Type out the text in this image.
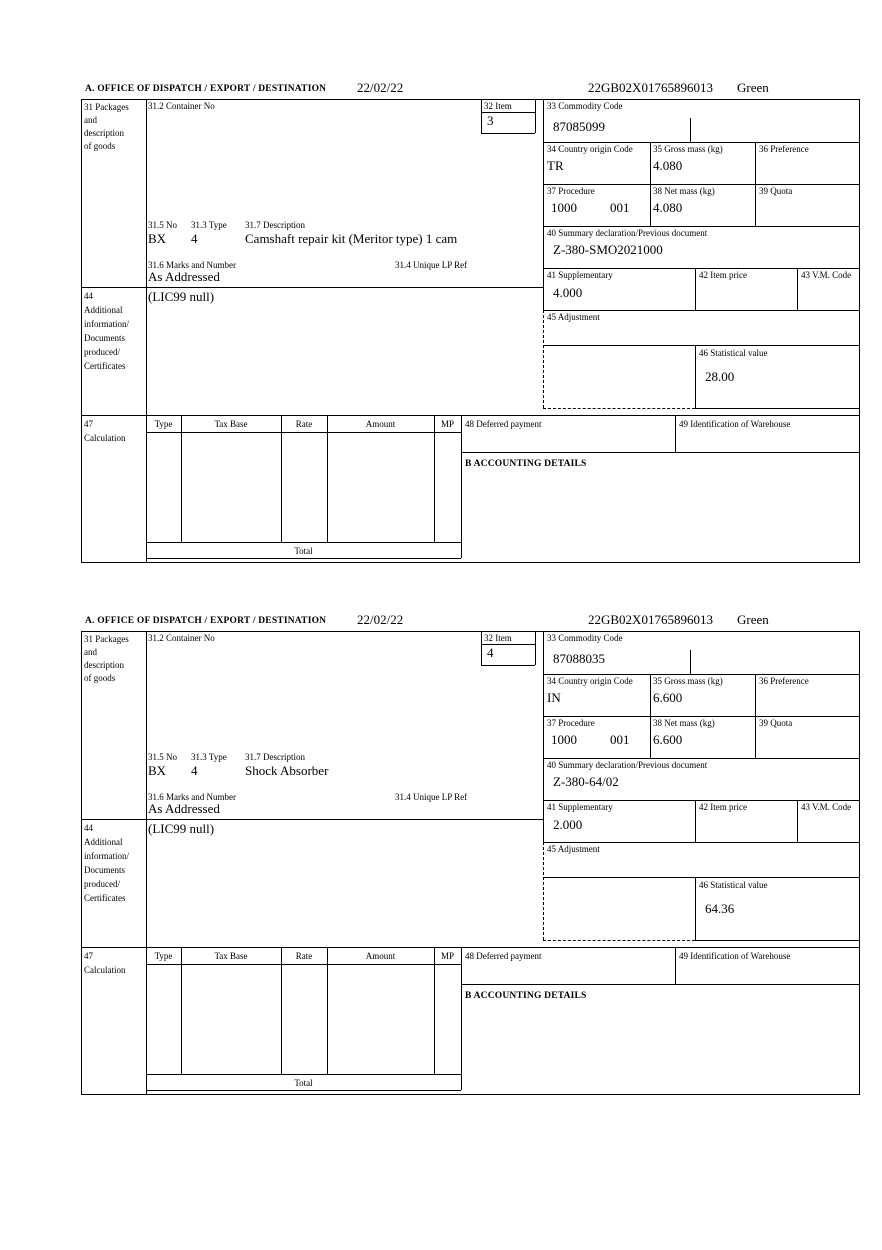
A. OFFICE OF DISPATCH / EXPORT / DESTINATION 22/02/22	22GB02X01765896013 Green
31 Packages
and
description
of goods
44
Additional
information/
Documents
produced/
Certificates
47
Calculation
31.2 Container No	32 Item
3
31.5 No 31.3 Type 31.7 Description
BX 4	Camshaft repair kit (Meritor type) 1 cam
31.6 Marks and Number	31.4 Unique LP Ref
As Addressed
(LIC99 null)
33 Commodity Code
87085099
34 Country origin Code
TR
35 Gross mass (kg)
4.080
36 Preference
37 Procedure
1000	001
38 Net mass (kg)
4.080
39 Quota
40 Summary declaration/Previous document
Z-380-SMO2021000
41 Supplementary
4.000
42 Item price	43 V.M. Code
45 Adjustment
46 Statistical value
28.00
Type	Tax Base	Rate	Amount	MP
Total
48 Deferred payment	49 Identification of Warehouse
B ACCOUNTING DETAILS
A. OFFICE OF DISPATCH / EXPORT / DESTINATION 22/02/22	22GB02X01765896013 Green
31 Packages
and
description
of goods
44
Additional
information/
Documents
produced/
Certificates
47
Calculation
31.2 Container No	32 Item
4
31.5 No 31.3 Type 31.7 Description
BX 4	Shock Absorber
31.6 Marks and Number	31.4 Unique LP Ref
As Addressed
(LIC99 null)
33 Commodity Code
87088035
34 Country origin Code
IN
35 Gross mass (kg)
6.600
36 Preference
37 Procedure
1000	001
38 Net mass (kg)
6.600
39 Quota
40 Summary declaration/Previous document
Z-380-64/02
41 Supplementary
2.000
42 Item price	43 V.M. Code
45 Adjustment
46 Statistical value
64.36
Type	Tax Base	Rate	Amount	MP
Total
48 Deferred payment	49 Identification of Warehouse
B ACCOUNTING DETAILS
